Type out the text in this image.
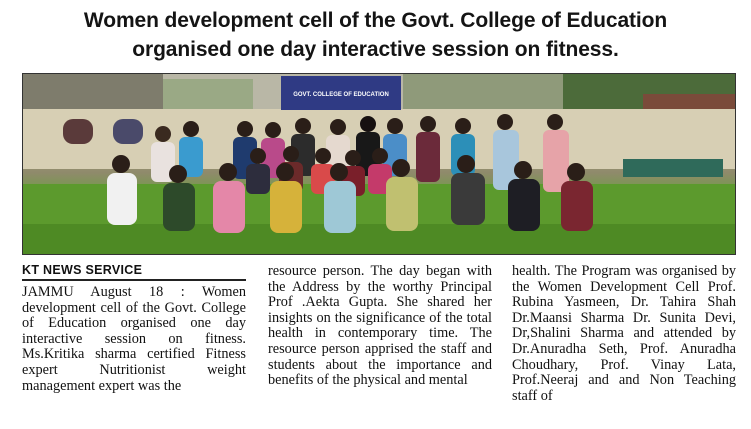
Women development cell of the Govt. College of Education
organised one day interactive session on fitness.
GOVT. COLLEGE OF EDUCATION
KT NEWS SERVICE

JAMMU August 18 : Women development cell of the Govt. College of Education organised one day interactive session on fitness. Ms.Kritika sharma certified Fitness expert Nutritionist weight management expert was the

resource person. The day began with the Address by the worthy Principal Prof .Aekta Gupta. She shared her insights on the significance of the total health in contemporary time. The resource person apprised the staff and students about the importance and benefits of the physical and mental

health. The Program was organised by the Women Development Cell Prof. Rubina Yasmeen, Dr. Tahira Shah Dr.Maansi Sharma Dr. Sunita Devi, Dr,Shalini Sharma and attended by Dr.Anuradha Seth, Prof. Anuradha Choudhary, Prof. Vinay Lata, Prof.Neeraj and and Non Teaching staff of
